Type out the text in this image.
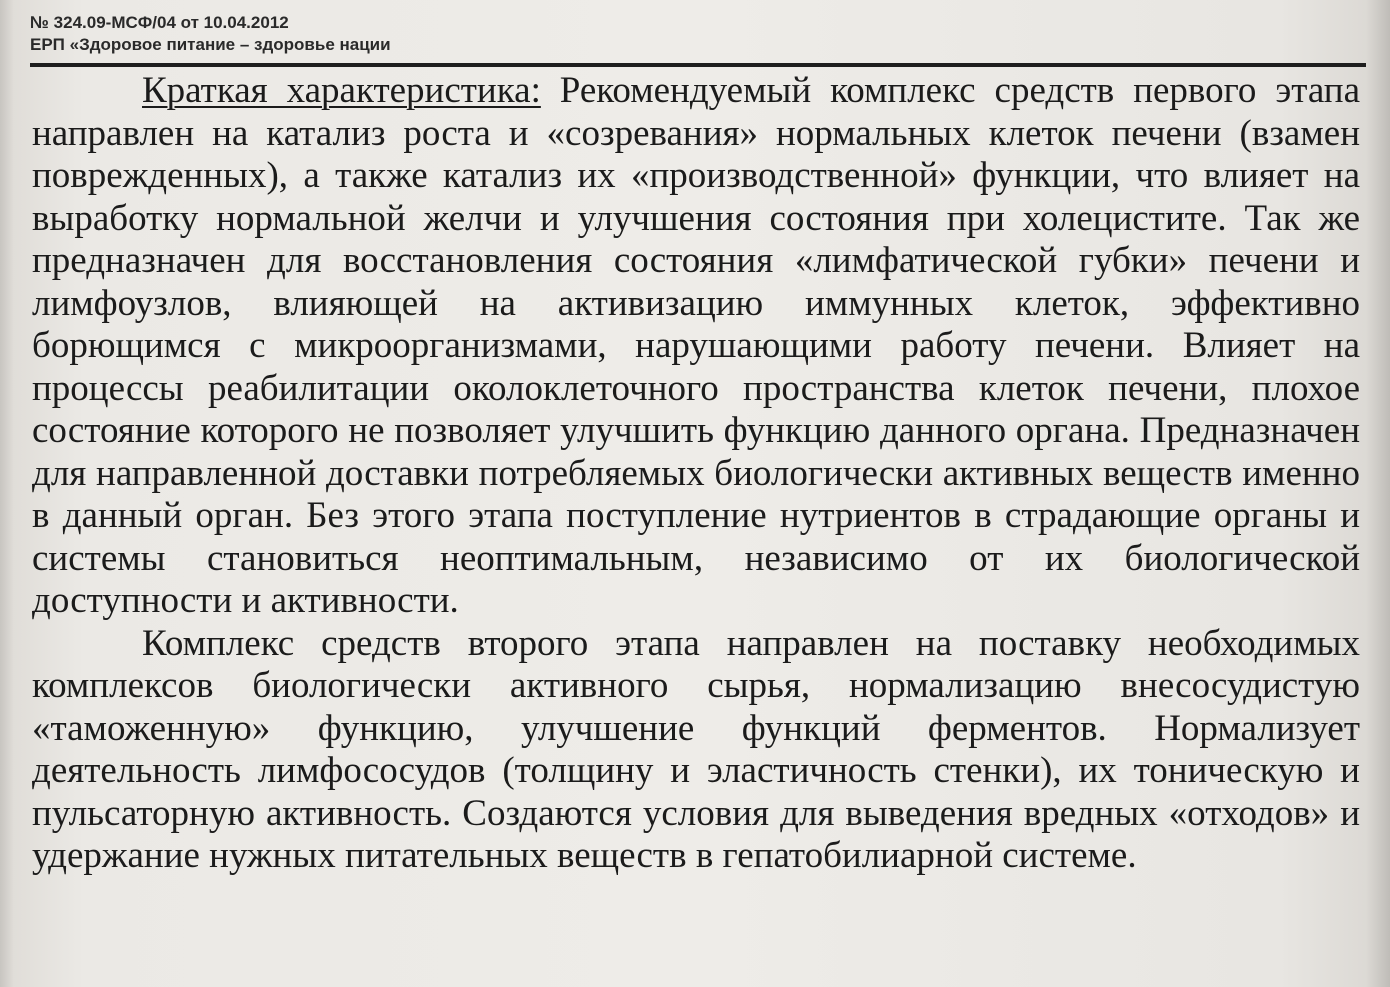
№ 324.09-МСФ/04 от 10.04.2012
ЕРП «Здоровое питание – здоровье нации

Краткая характеристика: Рекомендуемый комплекс средств первого этапа направлен на катализ роста и «созревания» нормальных клеток печени (взамен поврежденных), а также катализ их «производственной» функции, что влияет на выработку нормальной желчи и улучшения состояния при холецистите. Так же предназначен для восстановления состояния «лимфатической губки» печени и лимфоузлов, влияющей на активизацию иммунных клеток, эффективно борющимся с микроорганизмами, нарушающими работу печени. Влияет на процессы реабилитации околоклеточного пространства клеток печени, плохое состояние которого не позволяет улучшить функцию данного органа. Предназначен для направленной доставки потребляемых биологически активных веществ именно в данный орган. Без этого этапа поступление нутриентов в страдающие органы и системы становиться неоптимальным, независимо от их биологической доступности и активности.

Комплекс средств второго этапа направлен на поставку необходимых комплексов биологически активного сырья, нормализацию внесосудистую «таможенную» функцию, улучшение функций ферментов. Нормализует деятельность лимфососудов (толщину и эластичность стенки), их тоническую и пульсаторную активность. Создаются условия для выведения вредных «отходов» и удержание нужных питательных веществ в гепатобилиарной системе.
